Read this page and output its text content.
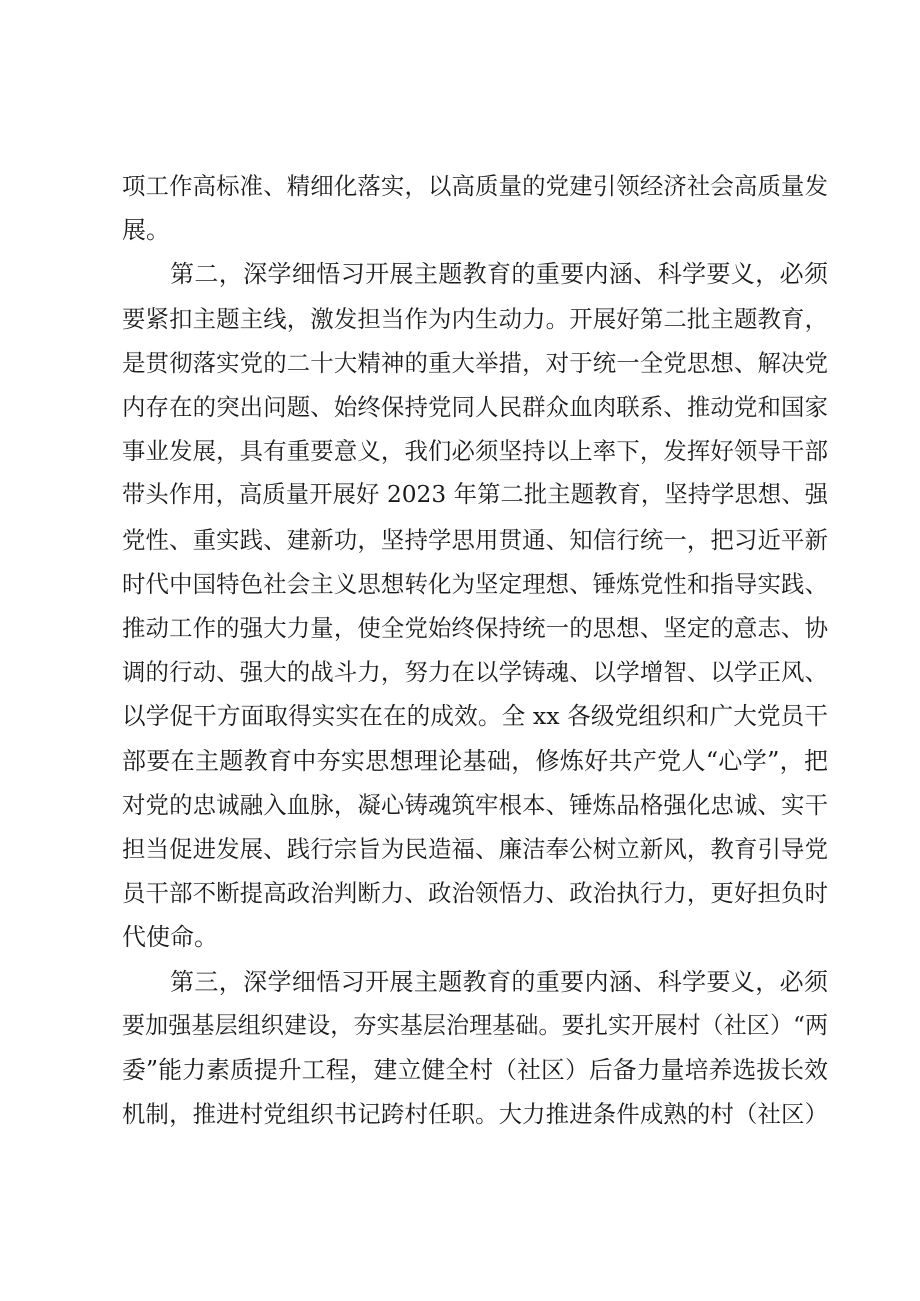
项工作高标准、精细化落实，以高质量的党建引领经济社会高质量发
展。
第二，深学细悟习开展主题教育的重要内涵、科学要义，必须
要紧扣主题主线，激发担当作为内生动力。开展好第二批主题教育，
是贯彻落实党的二十大精神的重大举措，对于统一全党思想、解决党
内存在的突出问题、始终保持党同人民群众血肉联系、推动党和国家
事业发展，具有重要意义，我们必须坚持以上率下，发挥好领导干部
带头作用，高质量开展好 2023 年第二批主题教育，坚持学思想、强
党性、重实践、建新功，坚持学思用贯通、知信行统一，把习近平新
时代中国特色社会主义思想转化为坚定理想、锤炼党性和指导实践、
推动工作的强大力量，使全党始终保持统一的思想、坚定的意志、协
调的行动、强大的战斗力，努力在以学铸魂、以学增智、以学正风、
以学促干方面取得实实在在的成效。全 xx 各级党组织和广大党员干
部要在主题教育中夯实思想理论基础，修炼好共产党人“心学”，把
对党的忠诚融入血脉，凝心铸魂筑牢根本、锤炼品格强化忠诚、实干
担当促进发展、践行宗旨为民造福、廉洁奉公树立新风，教育引导党
员干部不断提高政治判断力、政治领悟力、政治执行力，更好担负时
代使命。
第三，深学细悟习开展主题教育的重要内涵、科学要义，必须
要加强基层组织建设，夯实基层治理基础。要扎实开展村（社区）“两
委”能力素质提升工程，建立健全村（社区）后备力量培养选拔长效
机制，推进村党组织书记跨村任职。大力推进条件成熟的村（社区）
